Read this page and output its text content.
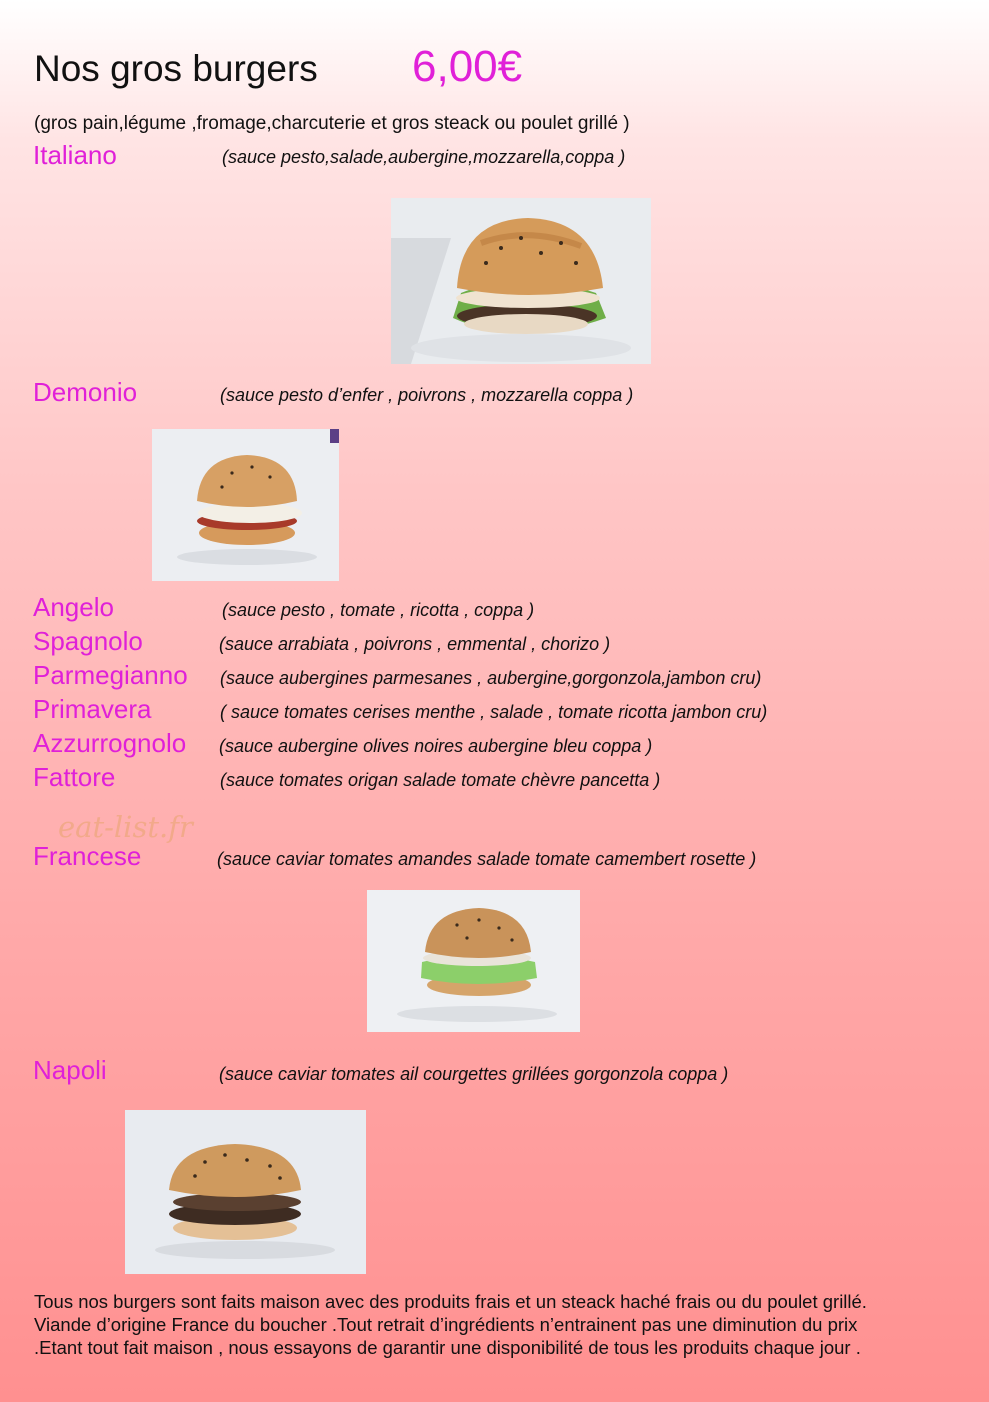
Nos gros burgers 6,00€
(gros pain,légume ,fromage,charcuterie et gros steack ou poulet grillé )
Italiano	(sauce pesto,salade,aubergine,mozzarella,coppa )
Demonio	(sauce pesto d’enfer , poivrons , mozzarella coppa )
Angelo	(sauce pesto , tomate , ricotta , coppa )
Spagnolo	(sauce arrabiata , poivrons , emmental , chorizo )
Parmegianno (sauce aubergines parmesanes , aubergine,gorgonzola,jambon cru)
Primavera	( sauce tomates cerises menthe , salade , tomate ricotta jambon cru)
Azzurrognolo (sauce aubergine olives noires aubergine bleu coppa )
Fattore	(sauce tomates origan salade tomate chèvre pancetta )
eat-list.fr
Francese	(sauce caviar tomates amandes salade tomate camembert rosette )
Napoli	(sauce caviar tomates ail courgettes grillées gorgonzola coppa )
Tous nos burgers sont faits maison avec des produits frais et un steack haché frais ou du poulet grillé.
Viande d’origine France du boucher .Tout retrait d’ingrédients n’entrainent pas une diminution du prix
.Etant tout fait maison , nous essayons de garantir une disponibilité de tous les produits chaque jour .
